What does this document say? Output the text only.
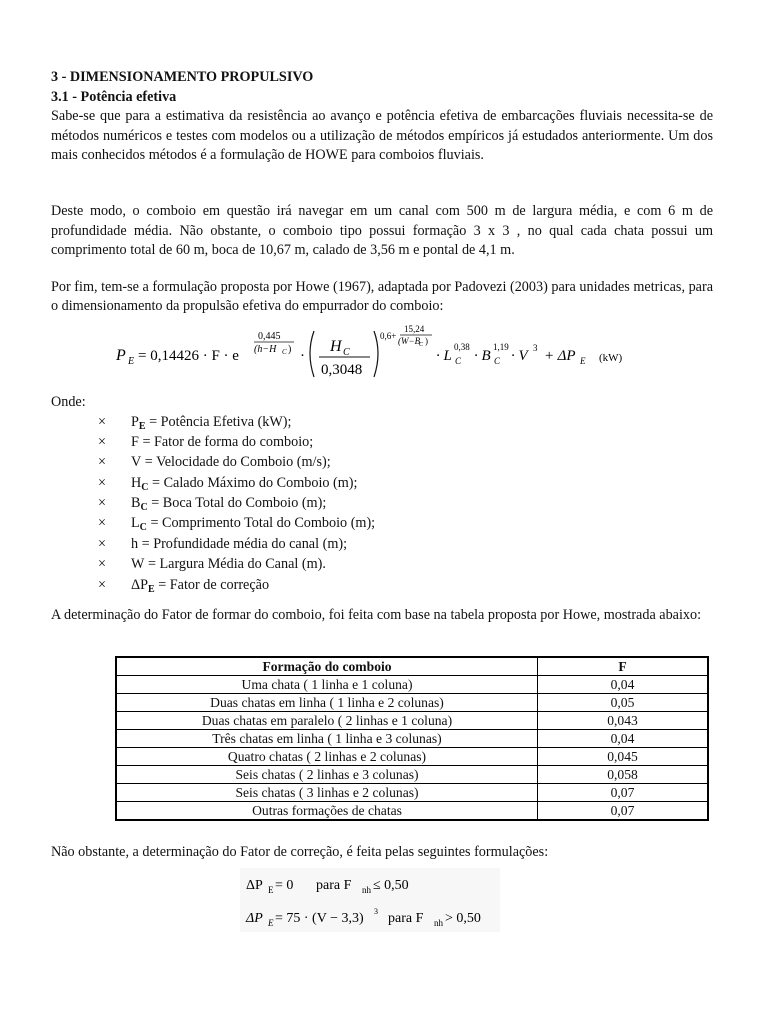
3 - DIMENSIONAMENTO PROPULSIVO

3.1 - Potência efetiva

Sabe-se que para a estimativa da resistência ao avanço e potência efetiva de embarcações fluviais necessita-se de métodos numéricos e testes com modelos ou a utilização de métodos empíricos já estudados anteriormente. Um dos mais conhecidos métodos é a formulação de HOWE para comboios fluviais.

Deste modo, o comboio em questão irá navegar em um canal com 500 m de largura média, e com 6 m de profundidade média. Não obstante, o comboio tipo possui formação 3 x 3 , no qual cada chata possui um comprimento total de 60 m, boca de 10,67 m, calado de 3,56 m e pontal de 4,1 m.

Por fim, tem-se a formulação proposta por Howe (1967), adaptada por Padovezi (2003) para unidades metricas, para o dimensionamento da propulsão efetiva do empurrador do comboio:

P E = 0,14426 · F · e
0,445
(h−H C ) ·
H C
0,3048
0,6+
15,24
(W−B
C )
· L C
0,38
· B C
1,19
· V 3 + ΔP E (kW)

Onde:

× $P_E$ = Potência Efetiva (kW);
× F = Fator de forma do comboio;
× V = Velocidade do Comboio (m/s);
× $H_C$ = Calado Máximo do Comboio (m);
× $B_C$ = Boca Total do Comboio (m);
× $L_C$ = Comprimento Total do Comboio (m);
× h = Profundidade média do canal (m);
× W = Largura Média do Canal (m).
× $\Delta P_E$ = Fator de correção

A determinação do Fator de formar do comboio, foi feita com base na tabela proposta por Howe, mostrada abaixo:

Formação do comboio	F
Uma chata ( 1 linha e 1 coluna)	0,04
Duas chatas em linha ( 1 linha e 2 colunas)	0,05
Duas chatas em paralelo ( 2 linhas e 1 coluna)	0,043
Três chatas em linha ( 1 linha e 3 colunas)	0,04
Quatro chatas ( 2 linhas e 2 colunas)	0,045
Seis chatas ( 2 linhas e 3 colunas)	0,058
Seis chatas ( 3 linhas e 2 colunas)	0,07
Outras formações de chatas	0,07

Não obstante, a determinação do Fator de correção, é feita pelas seguintes formulações:

ΔP E = 0 para F nh ≤ 0,50
ΔP E = 75 · (V − 3,3) 3 para F nh > 0,50
